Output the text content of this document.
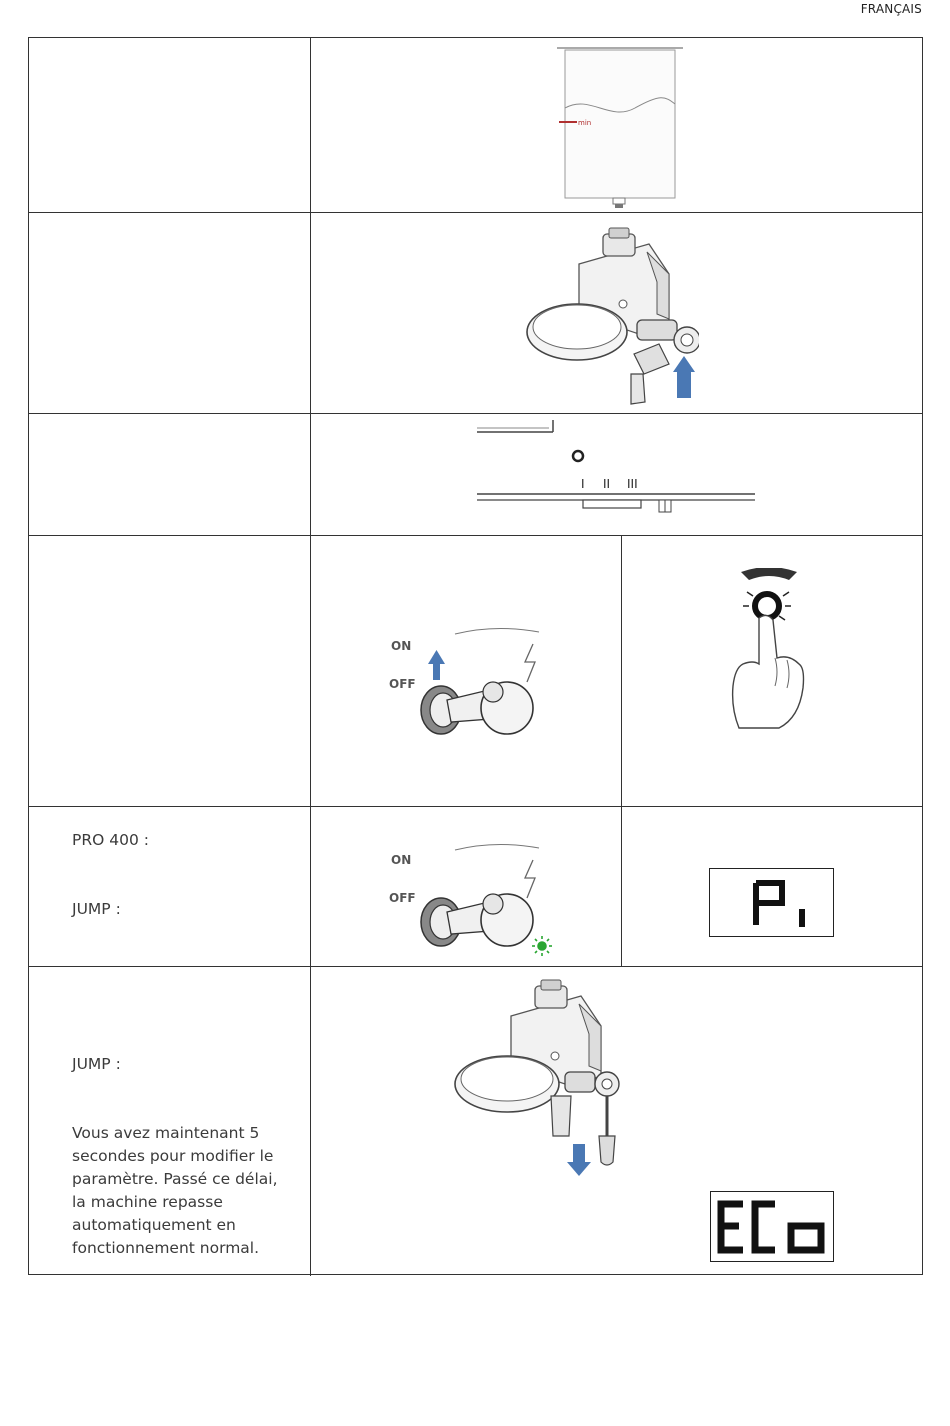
FRANÇAIS
min
I II III
ON
OFF
PRO 400 :
JUMP :
ON
OFF
P1
JUMP :
Vous avez maintenant 5 secondes pour modifier le paramètre. Passé ce délai, la machine repasse automatiquement en fonctionnement normal.
ECo
